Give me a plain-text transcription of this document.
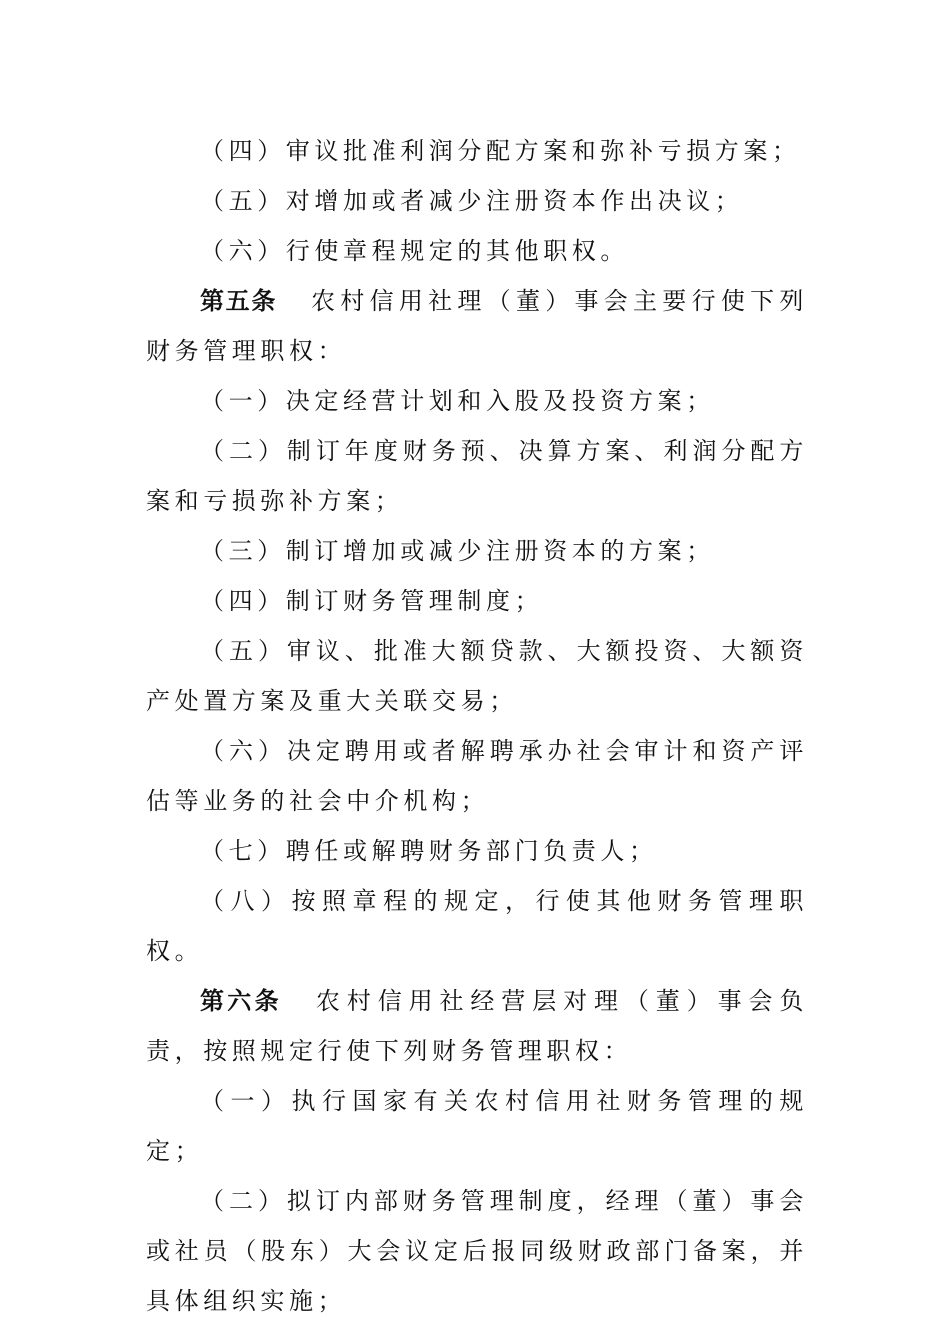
（四）审议批准利润分配方案和弥补亏损方案；

（五）对增加或者减少注册资本作出决议；

（六）行使章程规定的其他职权。

第五条 农村信用社理（董）事会主要行使下列财务管理职权：

（一）决定经营计划和入股及投资方案；

（二）制订年度财务预、决算方案、利润分配方案和亏损弥补方案；

（三）制订增加或减少注册资本的方案；

（四）制订财务管理制度；

（五）审议、批准大额贷款、大额投资、大额资产处置方案及重大关联交易；

（六）决定聘用或者解聘承办社会审计和资产评估等业务的社会中介机构；

（七）聘任或解聘财务部门负责人；

（八）按照章程的规定，行使其他财务管理职权。

第六条 农村信用社经营层对理（董）事会负责，按照规定行使下列财务管理职权：

（一）执行国家有关农村信用社财务管理的规定；

（二）拟订内部财务管理制度，经理（董）事会或社员（股东）大会议定后报同级财政部门备案，并具体组织实施；
